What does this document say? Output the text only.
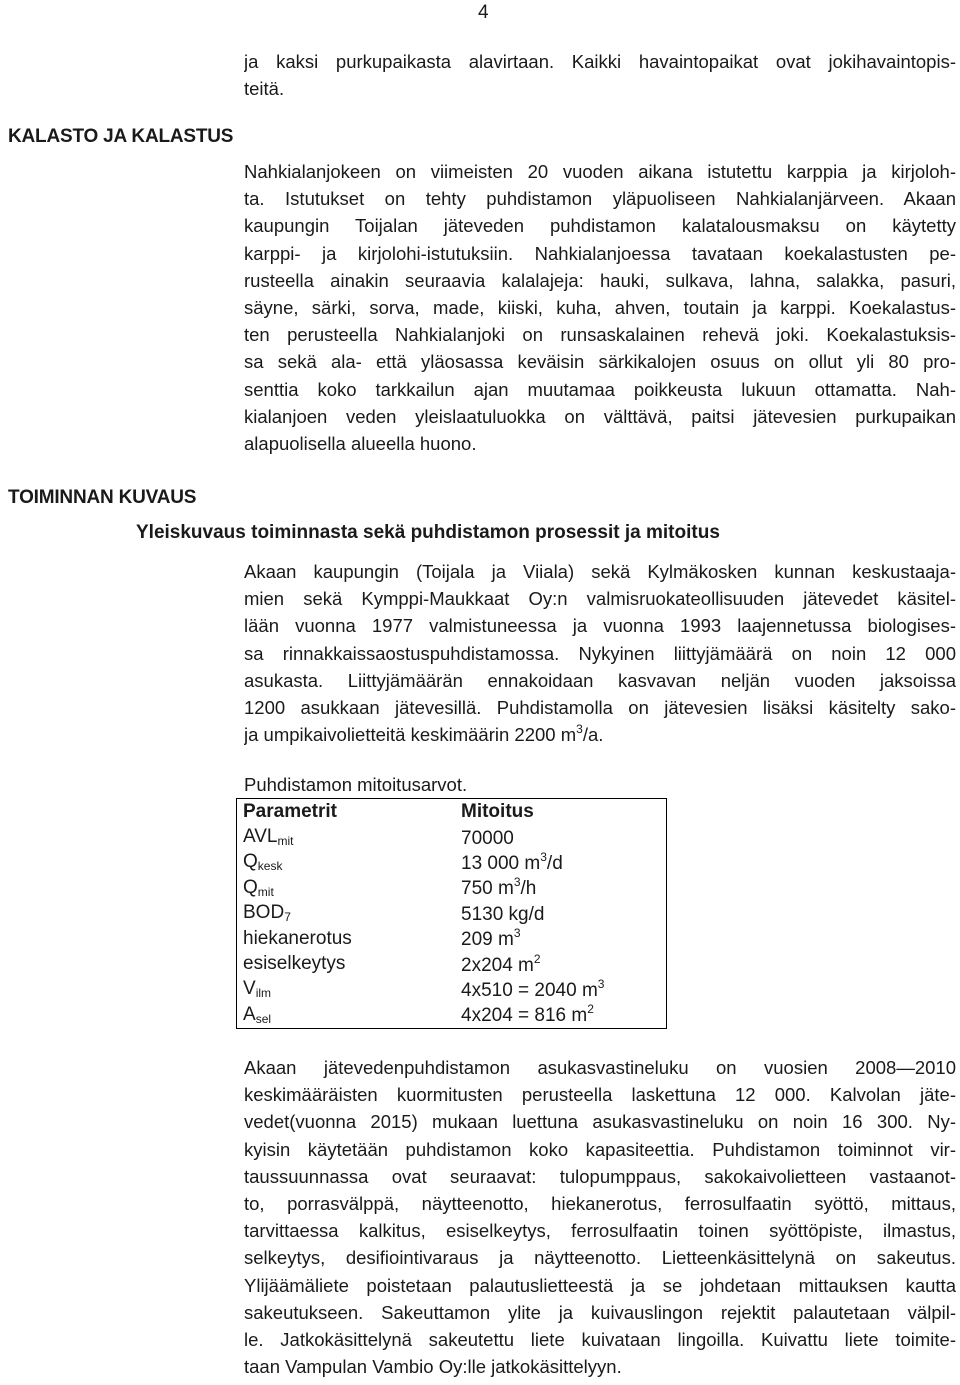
4
ja kaksi purkupaikasta alavirtaan. Kaikki havaintopaikat ovat jokihavaintopis-
teitä.
KALASTO JA KALASTUS
Nahkialanjokeen on viimeisten 20 vuoden aikana istutettu karppia ja kirjoloh-
ta. Istutukset on tehty puhdistamon yläpuoliseen Nahkialanjärveen. Akaan
kaupungin Toijalan jäteveden puhdistamon kalatalousmaksu on käytetty
karppi- ja kirjolohi-istutuksiin. Nahkialanjoessa tavataan koekalastusten pe-
rusteella ainakin seuraavia kalalajeja: hauki, sulkava, lahna, salakka, pasuri,
säyne, särki, sorva, made, kiiski, kuha, ahven, toutain ja karppi. Koekalastus-
ten perusteella Nahkialanjoki on runsaskalainen rehevä joki. Koekalastuksis-
sa sekä ala- että yläosassa keväisin särkikalojen osuus on ollut yli 80 pro-
senttia koko tarkkailun ajan muutamaa poikkeusta lukuun ottamatta. Nah-
kialanjoen veden yleislaatuluokka on välttävä, paitsi jätevesien purkupaikan
alapuolisella alueella huono.
TOIMINNAN KUVAUS
Yleiskuvaus toiminnasta sekä puhdistamon prosessit ja mitoitus
Akaan kaupungin (Toijala ja Viiala) sekä Kylmäkosken kunnan keskustaaja-
mien sekä Kymppi-Maukkaat Oy:n valmisruokateollisuuden jätevedet käsitel-
lään vuonna 1977 valmistuneessa ja vuonna 1993 laajennetussa biologises-
sa rinnakkaissaostuspuhdistamossa. Nykyinen liittyjämäärä on noin 12 000
asukasta. Liittyjämäärän ennakoidaan kasvavan neljän vuoden jaksoissa
1200 asukkaan jätevesillä. Puhdistamolla on jätevesien lisäksi käsitelty sako-
ja umpikaivolietteitä keskimäärin 2200 $m^3/a$.
Puhdistamon mitoitusarvot.
Parametrit	Mitoitus
AVLmit	70000
Qkesk	13 000 $m^3/d$
Qmit	750 $m^3/h$
BOD7	5130 kg/d
hiekanerotus	209 $m^3$
esiselkeytys	2x204 $m^2$
Vilm	4x510 = 2040 $m^3$
Asel	4x204 = 816 $m^2$
Akaan jätevedenpuhdistamon asukasvastineluku on vuosien 2008—2010
keskimääräisten kuormitusten perusteella laskettuna 12 000. Kalvolan jäte-
vedet(vuonna 2015) mukaan luettuna asukasvastineluku on noin 16 300. Ny-
kyisin käytetään puhdistamon koko kapasiteettia. Puhdistamon toiminnot vir-
taussuunnassa ovat seuraavat: tulopumppaus, sakokaivolietteen vastaanot-
to, porrasvälppä, näytteenotto, hiekanerotus, ferrosulfaatin syöttö, mittaus,
tarvittaessa kalkitus, esiselkeytys, ferrosulfaatin toinen syöttöpiste, ilmastus,
selkeytys, desifiointivaraus ja näytteenotto. Lietteenkäsittelynä on sakeutus.
Ylijäämäliete poistetaan palautuslietteestä ja se johdetaan mittauksen kautta
sakeutukseen. Sakeuttamon ylite ja kuivauslingon rejektit palautetaan välpil-
le. Jatkokäsittelynä sakeutettu liete kuivataan lingoilla. Kuivattu liete toimite-
taan Vampulan Vambio Oy:lle jatkokäsittelyyn.
